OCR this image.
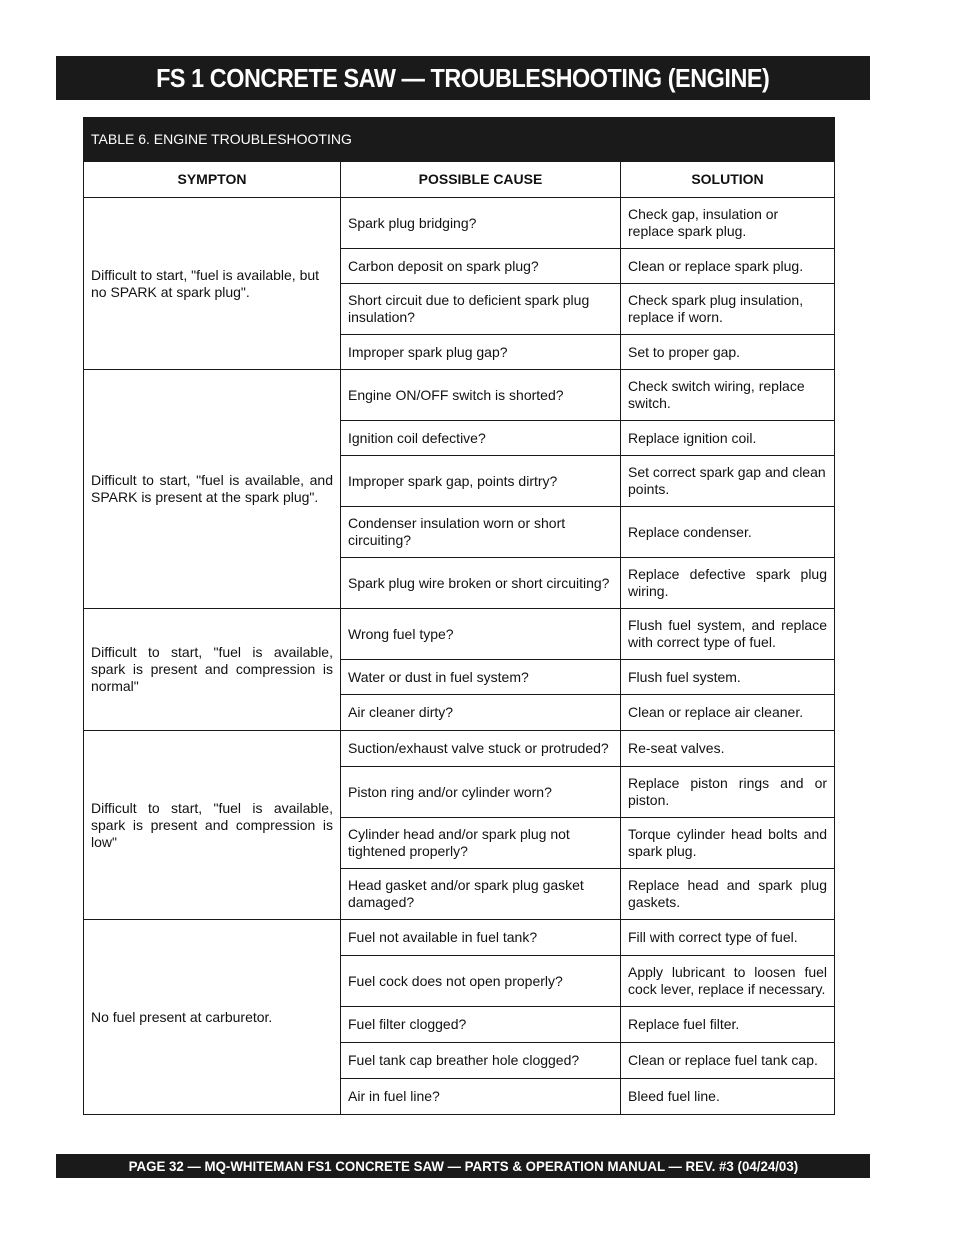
FS 1 CONCRETE SAW — TROUBLESHOOTING (ENGINE)
TABLE 6. ENGINE TROUBLESHOOTING		
SYMPTON	POSSIBLE CAUSE	SOLUTION
Difficult to start, "fuel is available, but no SPARK at spark plug".	Spark plug bridging?	Check gap, insulation or replace spark plug.
	Carbon deposit on spark plug?	Clean or replace spark plug.
	Short circuit due to deficient spark plug insulation?	Check spark plug insulation, replace if worn.
	Improper spark plug gap?	Set to proper gap.
Difficult to start, "fuel is available, and SPARK is present at the spark plug".	Engine ON/OFF switch is shorted?	Check switch wiring, replace switch.
	Ignition coil defective?	Replace ignition coil.
	Improper spark gap, points dirtry?	Set correct spark gap and clean points.
	Condenser insulation worn or short circuiting?	Replace condenser.
	Spark plug wire broken or short circuiting?	Replace defective spark plug wiring.
Difficult to start, "fuel is available, spark is present and compression is normal"	Wrong fuel type?	Flush fuel system, and replace with correct type of fuel.
	Water or dust in fuel system?	Flush fuel system.
	Air cleaner dirty?	Clean or replace air cleaner.
Difficult to start, "fuel is available, spark is present and compression is low"	Suction/exhaust valve stuck or protruded?	Re-seat valves.
	Piston ring and/or cylinder worn?	Replace piston rings and or piston.
	Cylinder head and/or spark plug not tightened properly?	Torque cylinder head bolts and spark plug.
	Head gasket and/or spark plug gasket damaged?	Replace head and spark plug gaskets.
No fuel present at carburetor.	Fuel not available in fuel tank?	Fill with correct type of fuel.
	Fuel cock does not open properly?	Apply lubricant to loosen fuel cock lever, replace if necessary.
	Fuel filter clogged?	Replace fuel filter.
	Fuel tank cap breather hole clogged?	Clean or replace fuel tank cap.
	Air in fuel line?	Bleed fuel line.
PAGE 32 — MQ-WHITEMAN FS1 CONCRETE SAW — PARTS & OPERATION MANUAL — REV. #3 (04/24/03)
